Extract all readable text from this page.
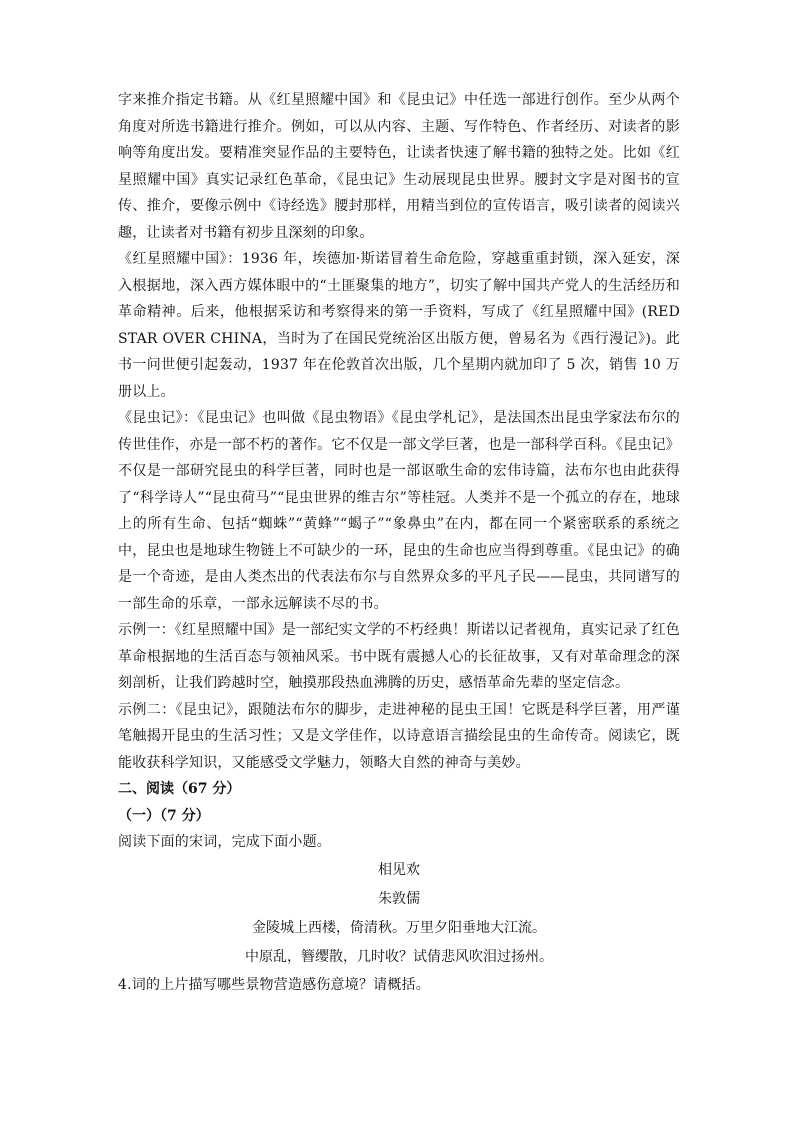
字来推介指定书籍。从《红星照耀中国》和《昆虫记》中任选一部进行创作。至少从两个角度对所选书籍进行推介。例如，可以从内容、主题、写作特色、作者经历、对读者的影响等角度出发。要精准突显作品的主要特色，让读者快速了解书籍的独特之处。比如《红星照耀中国》真实记录红色革命，《昆虫记》生动展现昆虫世界。腰封文字是对图书的宣传、推介，要像示例中《诗经选》腰封那样，用精当到位的宣传语言，吸引读者的阅读兴趣，让读者对书籍有初步且深刻的印象。

《红星照耀中国》：1936 年，埃德加·斯诺冒着生命危险，穿越重重封锁，深入延安，深入根据地，深入西方媒体眼中的“土匪聚集的地方”，切实了解中国共产党人的生活经历和革命精神。后来，他根据采访和考察得来的第一手资料，写成了《红星照耀中国》(RED STAR OVER CHINA，当时为了在国民党统治区出版方便，曾易名为《西行漫记》)。此书一问世便引起轰动，1937 年在伦敦首次出版，几个星期内就加印了 5 次，销售 10 万册以上。

《昆虫记》：《昆虫记》也叫做《昆虫物语》《昆虫学札记》，是法国杰出昆虫学家法布尔的传世佳作，亦是一部不朽的著作。它不仅是一部文学巨著，也是一部科学百科。《昆虫记》不仅是一部研究昆虫的科学巨著，同时也是一部讴歌生命的宏伟诗篇，法布尔也由此获得了“科学诗人”“昆虫荷马”“昆虫世界的维吉尔”等桂冠。人类并不是一个孤立的存在，地球上的所有生命、包括“蜘蛛”“黄蜂”“蝎子”“象鼻虫”在内，都在同一个紧密联系的系统之中，昆虫也是地球生物链上不可缺少的一环，昆虫的生命也应当得到尊重。《昆虫记》的确是一个奇迹，是由人类杰出的代表法布尔与自然界众多的平凡子民——昆虫，共同谱写的一部生命的乐章，一部永远解读不尽的书。

示例一：《红星照耀中国》是一部纪实文学的不朽经典！斯诺以记者视角，真实记录了红色革命根据地的生活百态与领袖风采。书中既有震撼人心的长征故事，又有对革命理念的深刻剖析，让我们跨越时空，触摸那段热血沸腾的历史，感悟革命先辈的坚定信念。

示例二：《昆虫记》，跟随法布尔的脚步，走进神秘的昆虫王国！它既是科学巨著，用严谨笔触揭开昆虫的生活习性；又是文学佳作，以诗意语言描绘昆虫的生命传奇。阅读它，既能收获科学知识，又能感受文学魅力，领略大自然的神奇与美妙。

二、阅读（67 分）

（一）（7 分）

阅读下面的宋词，完成下面小题。

相见欢

朱敦儒

金陵城上西楼，倚清秋。万里夕阳垂地大江流。

中原乱，簪缨散，几时收？试倩悲风吹泪过扬州。

4.词的上片描写哪些景物营造感伤意境？请概括。
